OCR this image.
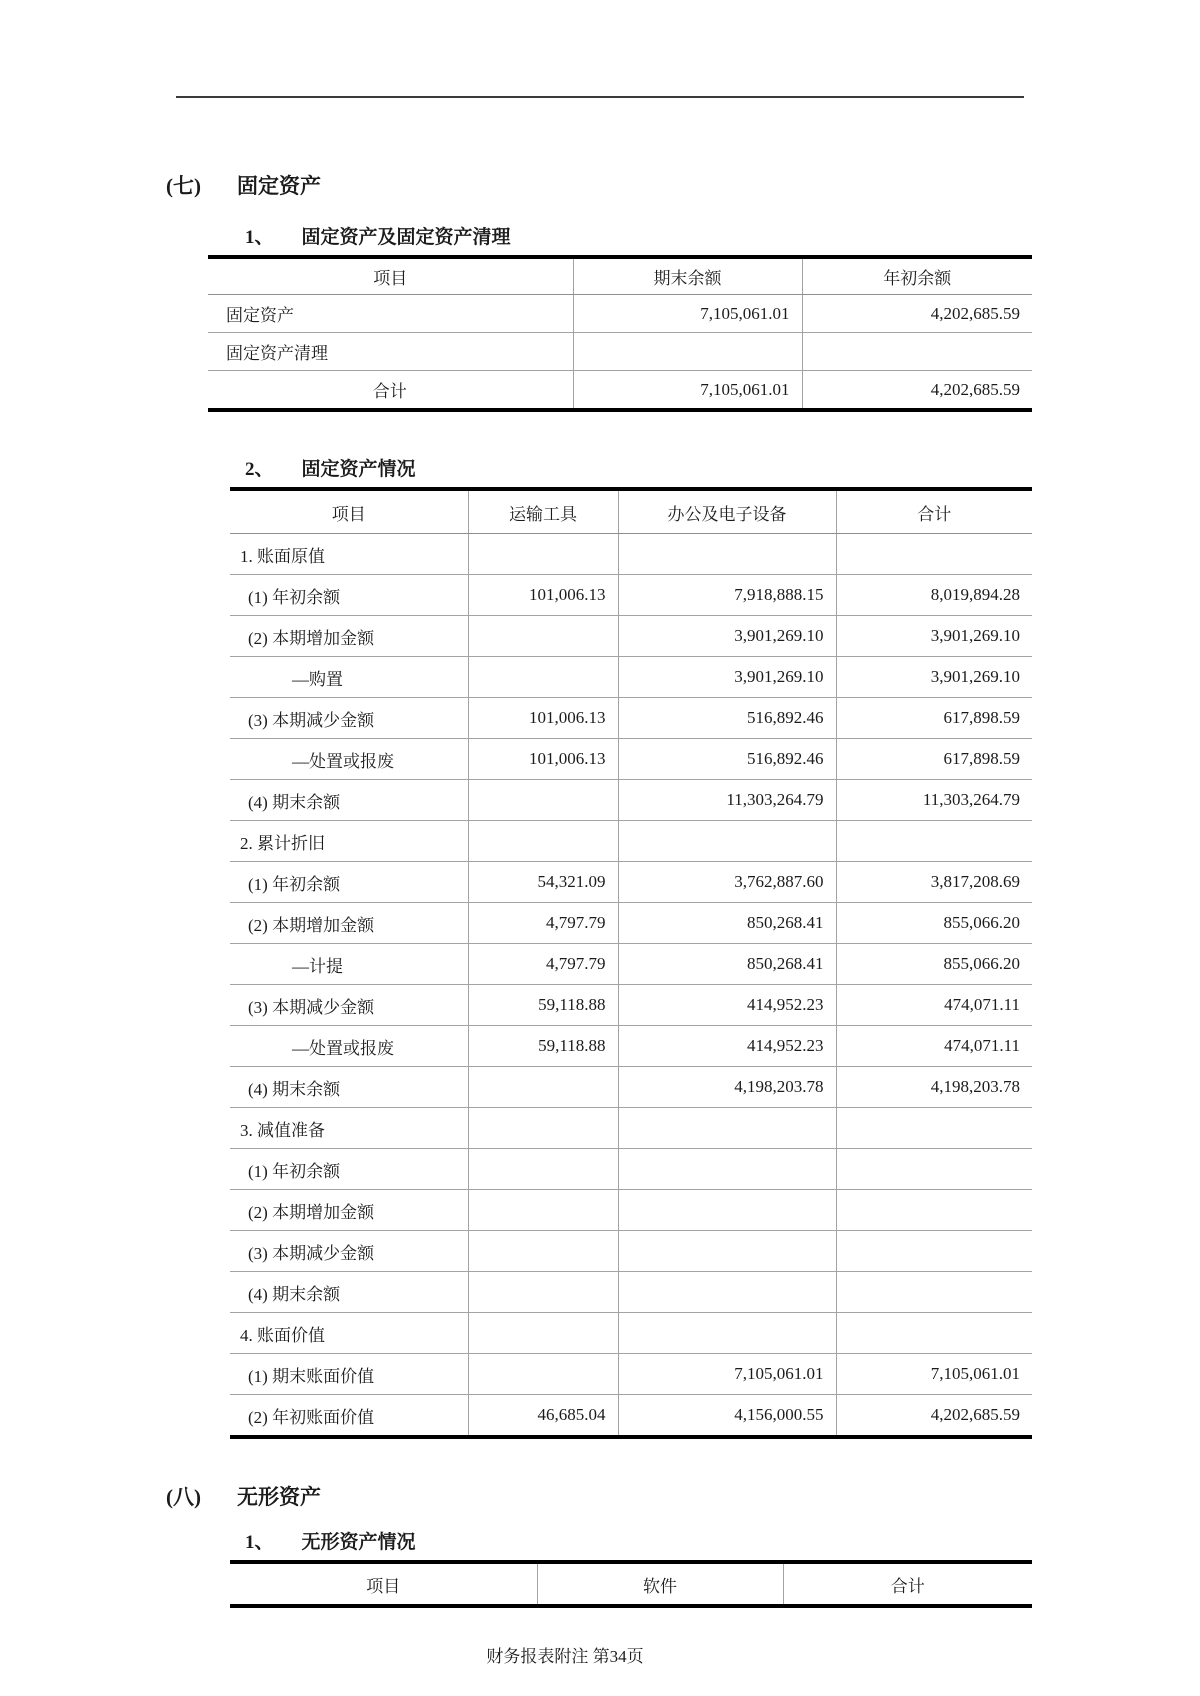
(七) 固定资产
1、 固定资产及固定资产清理
项目	期末余额	年初余额
固定资产	7,105,061.01	4,202,685.59
固定资产清理		
合计	7,105,061.01	4,202,685.59
2、 固定资产情况
项目	运输工具	办公及电子设备	合计
1. 账面原值			
(1) 年初余额	101,006.13	7,918,888.15	8,019,894.28
(2) 本期增加金额		3,901,269.10	3,901,269.10
—购置		3,901,269.10	3,901,269.10
(3) 本期减少金额	101,006.13	516,892.46	617,898.59
—处置或报废	101,006.13	516,892.46	617,898.59
(4) 期末余额		11,303,264.79	11,303,264.79
2. 累计折旧			
(1) 年初余额	54,321.09	3,762,887.60	3,817,208.69
(2) 本期增加金额	4,797.79	850,268.41	855,066.20
—计提	4,797.79	850,268.41	855,066.20
(3) 本期减少金额	59,118.88	414,952.23	474,071.11
—处置或报废	59,118.88	414,952.23	474,071.11
(4) 期末余额		4,198,203.78	4,198,203.78
3. 减值准备			
(1) 年初余额			
(2) 本期增加金额			
(3) 本期减少金额			
(4) 期末余额			
4. 账面价值			
(1) 期末账面价值		7,105,061.01	7,105,061.01
(2) 年初账面价值	46,685.04	4,156,000.55	4,202,685.59
(八) 无形资产
1、 无形资产情况
项目	软件	合计
财务报表附注 第34页
